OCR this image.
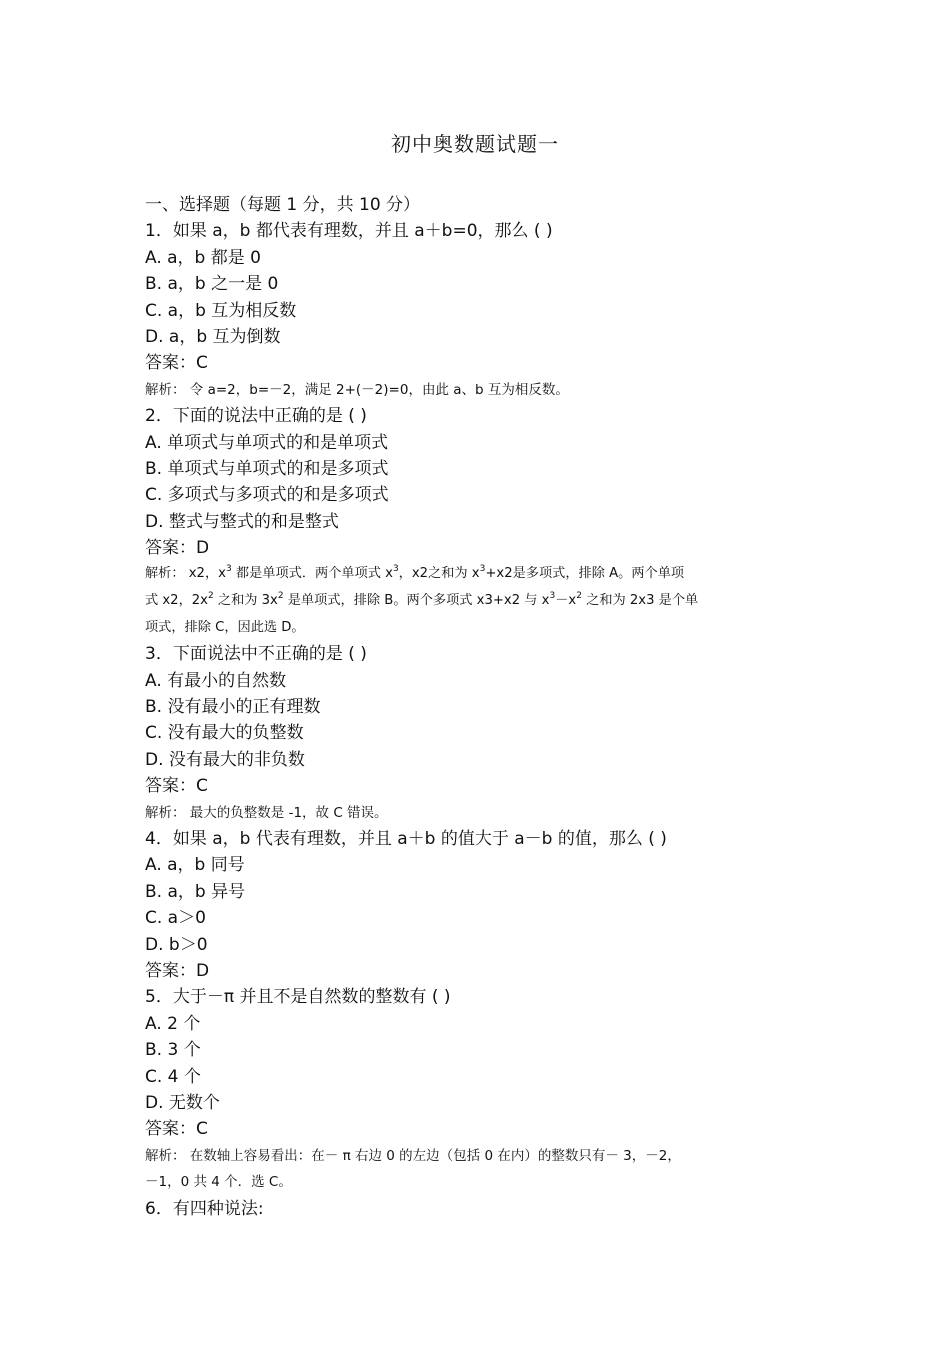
初中奥数题试题一
一、选择题（每题 1 分，共 10 分）
1．如果 a，b 都代表有理数，并且 a＋b=0，那么 ( )
A. a，b 都是 0
B. a，b 之一是 0
C. a，b 互为相反数
D. a，b 互为倒数
答案：C
解析： 令 a=2，b=－2，满足 2+(－2)=0，由此 a、b 互为相反数。
2．下面的说法中正确的是 ( )
A. 单项式与单项式的和是单项式
B. 单项式与单项式的和是多项式
C. 多项式与多项式的和是多项式
D. 整式与整式的和是整式
答案：D
解析： x2，$x^3$ 都是单项式．两个单项式 $x^3$，x2之和为 $x^3+x2$是多项式，排除 A。两个单项
式 x2，$2x^2$ 之和为 $3x^2$ 是单项式，排除 B。两个多项式 x3+x2 与 $x^3-x^2$ 之和为 2x3 是个单
项式，排除 C，因此选 D。
3．下面说法中不正确的是 ( )
A. 有最小的自然数
B. 没有最小的正有理数
C. 没有最大的负整数
D. 没有最大的非负数
答案：C
解析： 最大的负整数是 -1，故 C 错误。
4．如果 a，b 代表有理数，并且 a＋b 的值大于 a－b 的值，那么 ( )
A. a，b 同号
B. a，b 异号
C. a＞0
D. b＞0
答案：D
5．大于－π 并且不是自然数的整数有 ( )
A. 2 个
B. 3 个
C. 4 个
D. 无数个
答案：C
解析： 在数轴上容易看出：在－ π 右边 0 的左边（包括 0 在内）的整数只有－ 3，－2，
－1，0 共 4 个．选 C。
6．有四种说法:
